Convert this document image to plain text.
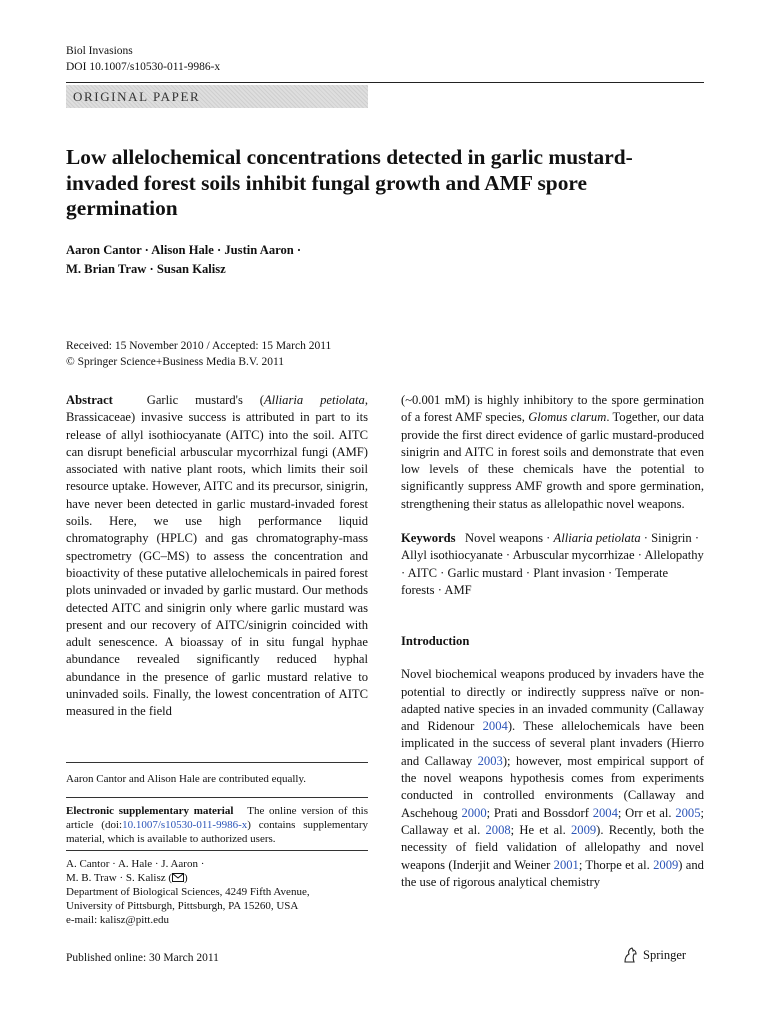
Biol Invasions
DOI 10.1007/s10530-011-9986-x
ORIGINAL PAPER
Low allelochemical concentrations detected in garlic mustard-invaded forest soils inhibit fungal growth and AMF spore germination
Aaron Cantor · Alison Hale · Justin Aaron ·
M. Brian Traw · Susan Kalisz
Received: 15 November 2010 / Accepted: 15 March 2011
© Springer Science+Business Media B.V. 2011

Abstract	Garlic mustard's (Alliaria petiolata, Brassicaceae) invasive success is attributed in part to its release of allyl isothiocyanate (AITC) into the soil. AITC can disrupt beneficial arbuscular mycorrhizal fungi (AMF) associated with native plant roots, which limits their soil resource uptake. However, AITC and its precursor, sinigrin, have never been detected in garlic mustard-invaded forest soils. Here, we use high performance liquid chromatography (HPLC) and gas chromatography-mass spectrometry (GC–MS) to assess the concentration and bioactivity of these putative allelochemicals in paired forest plots uninvaded or invaded by garlic mustard. Our methods detected AITC and sinigrin only where garlic mustard was present and our recovery of AITC/sinigrin coincided with adult senescence. A bioassay of in situ fungal hyphae abundance revealed significantly reduced hyphal abundance in the presence of garlic mustard relative to uninvaded soils. Finally, the lowest concentration of AITC measured in the field

Aaron Cantor and Alison Hale are contributed equally.

Electronic supplementary material The online version of this article (doi:10.1007/s10530-011-9986-x) contains supplementary material, which is available to authorized users.

A. Cantor · A. Hale · J. Aaron ·

M. B. Traw · S. Kalisz ( )

Department of Biological Sciences, 4249 Fifth Avenue,

University of Pittsburgh, Pittsburgh, PA 15260, USA

e-mail: kalisz@pitt.edu

(~0.001 mM) is highly inhibitory to the spore germination of a forest AMF species, Glomus clarum. Together, our data provide the first direct evidence of garlic mustard-produced sinigrin and AITC in forest soils and demonstrate that even low levels of these chemicals have the potential to significantly suppress AMF growth and spore germination, strengthening their status as allelopathic novel weapons.

Keywords Novel weapons · Alliaria petiolata · Sinigrin · Allyl isothiocyanate · Arbuscular mycorrhizae · Allelopathy · AITC · Garlic mustard · Plant invasion · Temperate forests · AMF

Introduction

Novel biochemical weapons produced by invaders have the potential to directly or indirectly suppress naïve or non-adapted native species in an invaded community (Callaway and Ridenour 2004). These allelochemicals have been implicated in the success of several plant invaders (Hierro and Callaway 2003); however, most empirical support of the novel weapons hypothesis comes from experiments conducted in controlled environments (Callaway and Aschehoug 2000; Prati and Bossdorf 2004; Orr et al. 2005; Callaway et al. 2008; He et al. 2009). Recently, both the necessity of field validation of allelopathy and novel weapons (Inderjit and Weiner 2001; Thorpe et al. 2009) and the use of rigorous analytical chemistry

Published online: 30 March 2011	Springer
